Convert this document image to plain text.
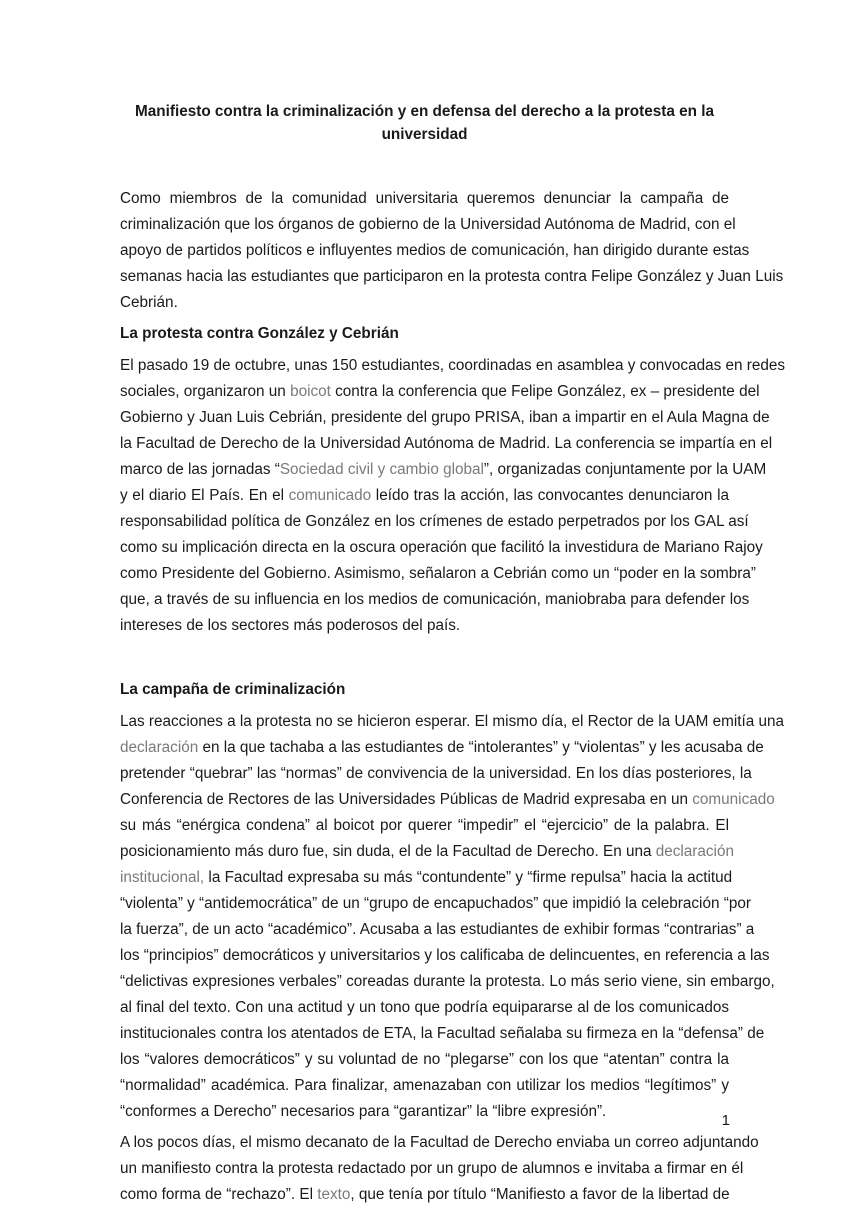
Manifiesto contra la criminalización y en defensa del derecho a la protesta en la
universidad
Como miembros de la comunidad universitaria queremos denunciar la campaña de
criminalización que los órganos de gobierno de la Universidad Autónoma de Madrid, con el
apoyo de partidos políticos e influyentes medios de comunicación, han dirigido durante estas
semanas hacia las estudiantes que participaron en la protesta contra Felipe González y Juan Luis
Cebrián.
La protesta contra González y Cebrián
El pasado 19 de octubre, unas 150 estudiantes, coordinadas en asamblea y convocadas en redes
sociales, organizaron un boicot contra la conferencia que Felipe González, ex – presidente del
Gobierno y Juan Luis Cebrián, presidente del grupo PRISA, iban a impartir en el Aula Magna de
la Facultad de Derecho de la Universidad Autónoma de Madrid. La conferencia se impartía en el
marco de las jornadas “Sociedad civil y cambio global”, organizadas conjuntamente por la UAM
y el diario El País. En el comunicado leído tras la acción, las convocantes denunciaron la
responsabilidad política de González en los crímenes de estado perpetrados por los GAL así
como su implicación directa en la oscura operación que facilitó la investidura de Mariano Rajoy
como Presidente del Gobierno. Asimismo, señalaron a Cebrián como un “poder en la sombra”
que, a través de su influencia en los medios de comunicación, maniobraba para defender los
intereses de los sectores más poderosos del país.
La campaña de criminalización
Las reacciones a la protesta no se hicieron esperar. El mismo día, el Rector de la UAM emitía una
declaración en la que tachaba a las estudiantes de “intolerantes” y “violentas” y les acusaba de
pretender “quebrar” las “normas” de convivencia de la universidad. En los días posteriores, la
Conferencia de Rectores de las Universidades Públicas de Madrid expresaba en un comunicado
su más “enérgica condena” al boicot por querer “impedir” el “ejercicio” de la palabra. El
posicionamiento más duro fue, sin duda, el de la Facultad de Derecho. En una declaración
institucional, la Facultad expresaba su más “contundente” y “firme repulsa” hacia la actitud
“violenta” y “antidemocrática” de un “grupo de encapuchados” que impidió la celebración “por
la fuerza”, de un acto “académico”. Acusaba a las estudiantes de exhibir formas “contrarias” a
los “principios” democráticos y universitarios y los calificaba de delincuentes, en referencia a las
“delictivas expresiones verbales” coreadas durante la protesta. Lo más serio viene, sin embargo,
al final del texto. Con una actitud y un tono que podría equipararse al de los comunicados
institucionales contra los atentados de ETA, la Facultad señalaba su firmeza en la “defensa” de
los “valores democráticos” y su voluntad de no “plegarse” con los que “atentan” contra la
“normalidad” académica. Para finalizar, amenazaban con utilizar los medios “legítimos” y
“conformes a Derecho” necesarios para “garantizar” la “libre expresión”.
A los pocos días, el mismo decanato de la Facultad de Derecho enviaba un correo adjuntando
un manifiesto contra la protesta redactado por un grupo de alumnos e invitaba a firmar en él
como forma de “rechazo”. El texto, que tenía por título “Manifiesto a favor de la libertad de
1
